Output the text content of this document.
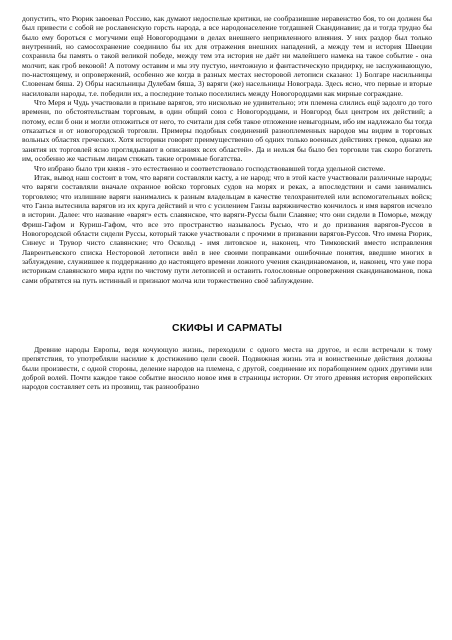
допустить, что Рюрик завоевал Россию, как думают недоспелые критики, не сообразившие неравенство боя, то он должен бы был привести с собой не рославенскую горсть народа, а все народонаселение тогдашней Скандинавии; да и тогда трудно бы было ему бороться с могучими ещё Новогородцами в делах внешнего непривленного влияния. У них раздор был только внутренний, но самосохранение соединило бы их для отражения внешних нападений, а между тем и история Швеции сохранила бы память о такой великой победе, между тем эта история не даёт ни малейшего намека на такое событие - она молчит, как гроб вековой! А потому оставим и мы эту пустую, ничтожную и фантастическую придирку, не заслуживающую, по-настоящему, и опровержений, особенно же когда в разных местах несторовой летописи сказано: 1) Болгаре насильницы Словенам бяша. 2) Обры насильницы Дулебам бяша, 3) варяги (же) насельницы Новограда. Здесь ясно, что первые и вторые насиловали народы, т.е. победили их, а последние только поселились между Новогородцами как мирные сограждане.

Что Меря и Чудь участвовали в призыве варягов, это нисколько не удивительно; эти племена слились ещё задолго до того времени, по обстоятельствам торговым, в один общий союз с Новогородцами, и Новгород был центром их действий; а потому, если б они и могли отложиться от него, то считали для себя такое отложение невыгодным, ибо им надлежало бы тогда отказаться и от новогородской торговли. Примеры подобных соединений разноплеменных народов мы видим в торговых вольных областях греческих. Хотя историки говорят преимущественно об одних только военных действиях греков, однако же занятия их торговлей ясно проглядывают в описаниях всех областей». Да и нельзя бы было без торговли так скоро богатеть им, особенно же частным лицам стяжать такие огромные богатства.

Что избрано было три князя - это естественно и соответствовало господствовавшей тогда удельной системе.

Итак, вывод наш состоит в том, что варяги составляли касту, а не народ; что в этой касте участвовали различные народы; что варяги составляли вначале охранное войско торговых судов на морях и реках, а впоследствии и сами занимались торговлею; что излишние варяги нанимались к разным владельцам в качестве телохранителей или вспомогательных войск; что Ганза вытеснила варягов из их круга действий и что с усилением Ганзы варяжничество кончилось и имя варягов исчезло в истории. Далее: что название «варяг» есть славянское, что варяги-Руссы были Славяне; что они сидели в Поморье, между Фриш-Гафом и Куриш-Гафом, что все это пространство называлось Русью, что и до призвания варягов-Руссов в Новогородской области сидели Руссы, который также участвовали с прочими в призвании варягов-Руссов. Что имена Рюрик, Синеус и Трувор чисто славянские; что Оскольд - имя литовское и, наконец, что Тимковский вместо исправления Лаврентьевского списка Несторовой летописи ввёл в нее своими поправками ошибочные понятия, введшие многих в заблуждение, служившее к поддержанию до настоящего времени ложного учения скандинавоманов, и, наконец, что уже пора историкам славянского мира идти по чистому пути летописей и оставить голословные опровержения скандинавоманов, пока сами обратятся на путь истинный и признают молча или торжественно своё заблуждение.

СКИФЫ И САРМАТЫ

Древние народы Европы, ведя кочующую жизнь, переходили с одного места на другое, и если встречали к тому препятствия, то употребляли насилие к достижению цели своей. Подвижная жизнь эта и воинственные действия должны были произвести, с одной стороны, деление народов на племена, с другой, соединение их порабощением одних другими или доброй волей. Почти каждое такое событие вносило новое имя в страницы истории. От этого древняя история европейских народов составляет сеть из прозвищ, так разнообразно
